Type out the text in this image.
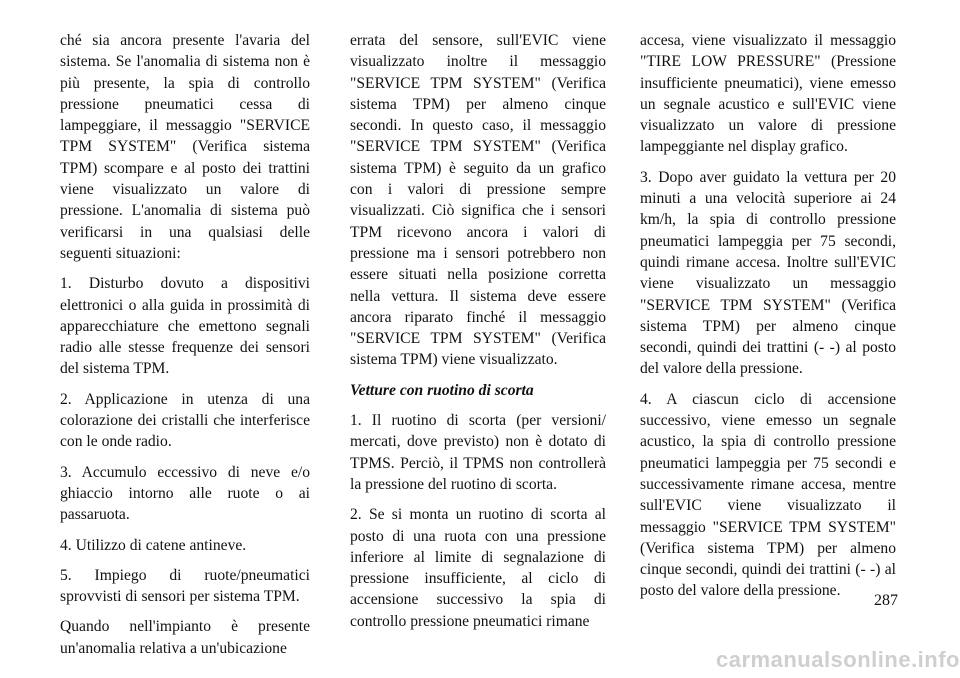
ché sia ancora presente l'avaria del sistema. Se l'anomalia di sistema non è più presente, la spia di controllo pressione pneumatici cessa di lampeggiare, il messaggio "SERVICE TPM SYSTEM" (Verifica sistema TPM) scompare e al posto dei trattini viene visualizzato un valore di pressione. L'anomalia di sistema può verificarsi in una qualsiasi delle seguenti situazioni:

1. Disturbo dovuto a dispositivi elettronici o alla guida in prossimità di apparecchiature che emettono segnali radio alle stesse frequenze dei sensori del sistema TPM.

2. Applicazione in utenza di una colorazione dei cristalli che interferisce con le onde radio.

3. Accumulo eccessivo di neve e/o ghiaccio intorno alle ruote o ai passaruota.

4. Utilizzo di catene antineve.

5. Impiego di ruote/pneumatici sprovvisti di sensori per sistema TPM.

Quando nell'impianto è presente un'anomalia relativa a un'ubicazione

errata del sensore, sull'EVIC viene visualizzato inoltre il messaggio "SERVICE TPM SYSTEM" (Verifica sistema TPM) per almeno cinque secondi. In questo caso, il messaggio "SERVICE TPM SYSTEM" (Verifica sistema TPM) è seguito da un grafico con i valori di pressione sempre visualizzati. Ciò significa che i sensori TPM ricevono ancora i valori di pressione ma i sensori potrebbero non essere situati nella posizione corretta nella vettura. Il sistema deve essere ancora riparato finché il messaggio "SERVICE TPM SYSTEM" (Verifica sistema TPM) viene visualizzato.

Vetture con ruotino di scorta

1. Il ruotino di scorta (per versioni/ mercati, dove previsto) non è dotato di TPMS. Perciò, il TPMS non controllerà la pressione del ruotino di scorta.

2. Se si monta un ruotino di scorta al posto di una ruota con una pressione inferiore al limite di segnalazione di pressione insufficiente, al ciclo di accensione successivo la spia di controllo pressione pneumatici rimane

accesa, viene visualizzato il messaggio "TIRE LOW PRESSURE" (Pressione insufficiente pneumatici), viene emesso un segnale acustico e sull'EVIC viene visualizzato un valore di pressione lampeggiante nel display grafico.

3. Dopo aver guidato la vettura per 20 minuti a una velocità superiore ai 24 km/h, la spia di controllo pressione pneumatici lampeggia per 75 secondi, quindi rimane accesa. Inoltre sull'EVIC viene visualizzato un messaggio "SERVICE TPM SYSTEM" (Verifica sistema TPM) per almeno cinque secondi, quindi dei trattini (- -) al posto del valore della pressione.

4. A ciascun ciclo di accensione successivo, viene emesso un segnale acustico, la spia di controllo pressione pneumatici lampeggia per 75 secondi e successivamente rimane accesa, mentre sull'EVIC viene visualizzato il messaggio "SERVICE TPM SYSTEM" (Verifica sistema TPM) per almeno cinque secondi, quindi dei trattini (- -) al posto del valore della pressione.

287
carmanualsonline.info
